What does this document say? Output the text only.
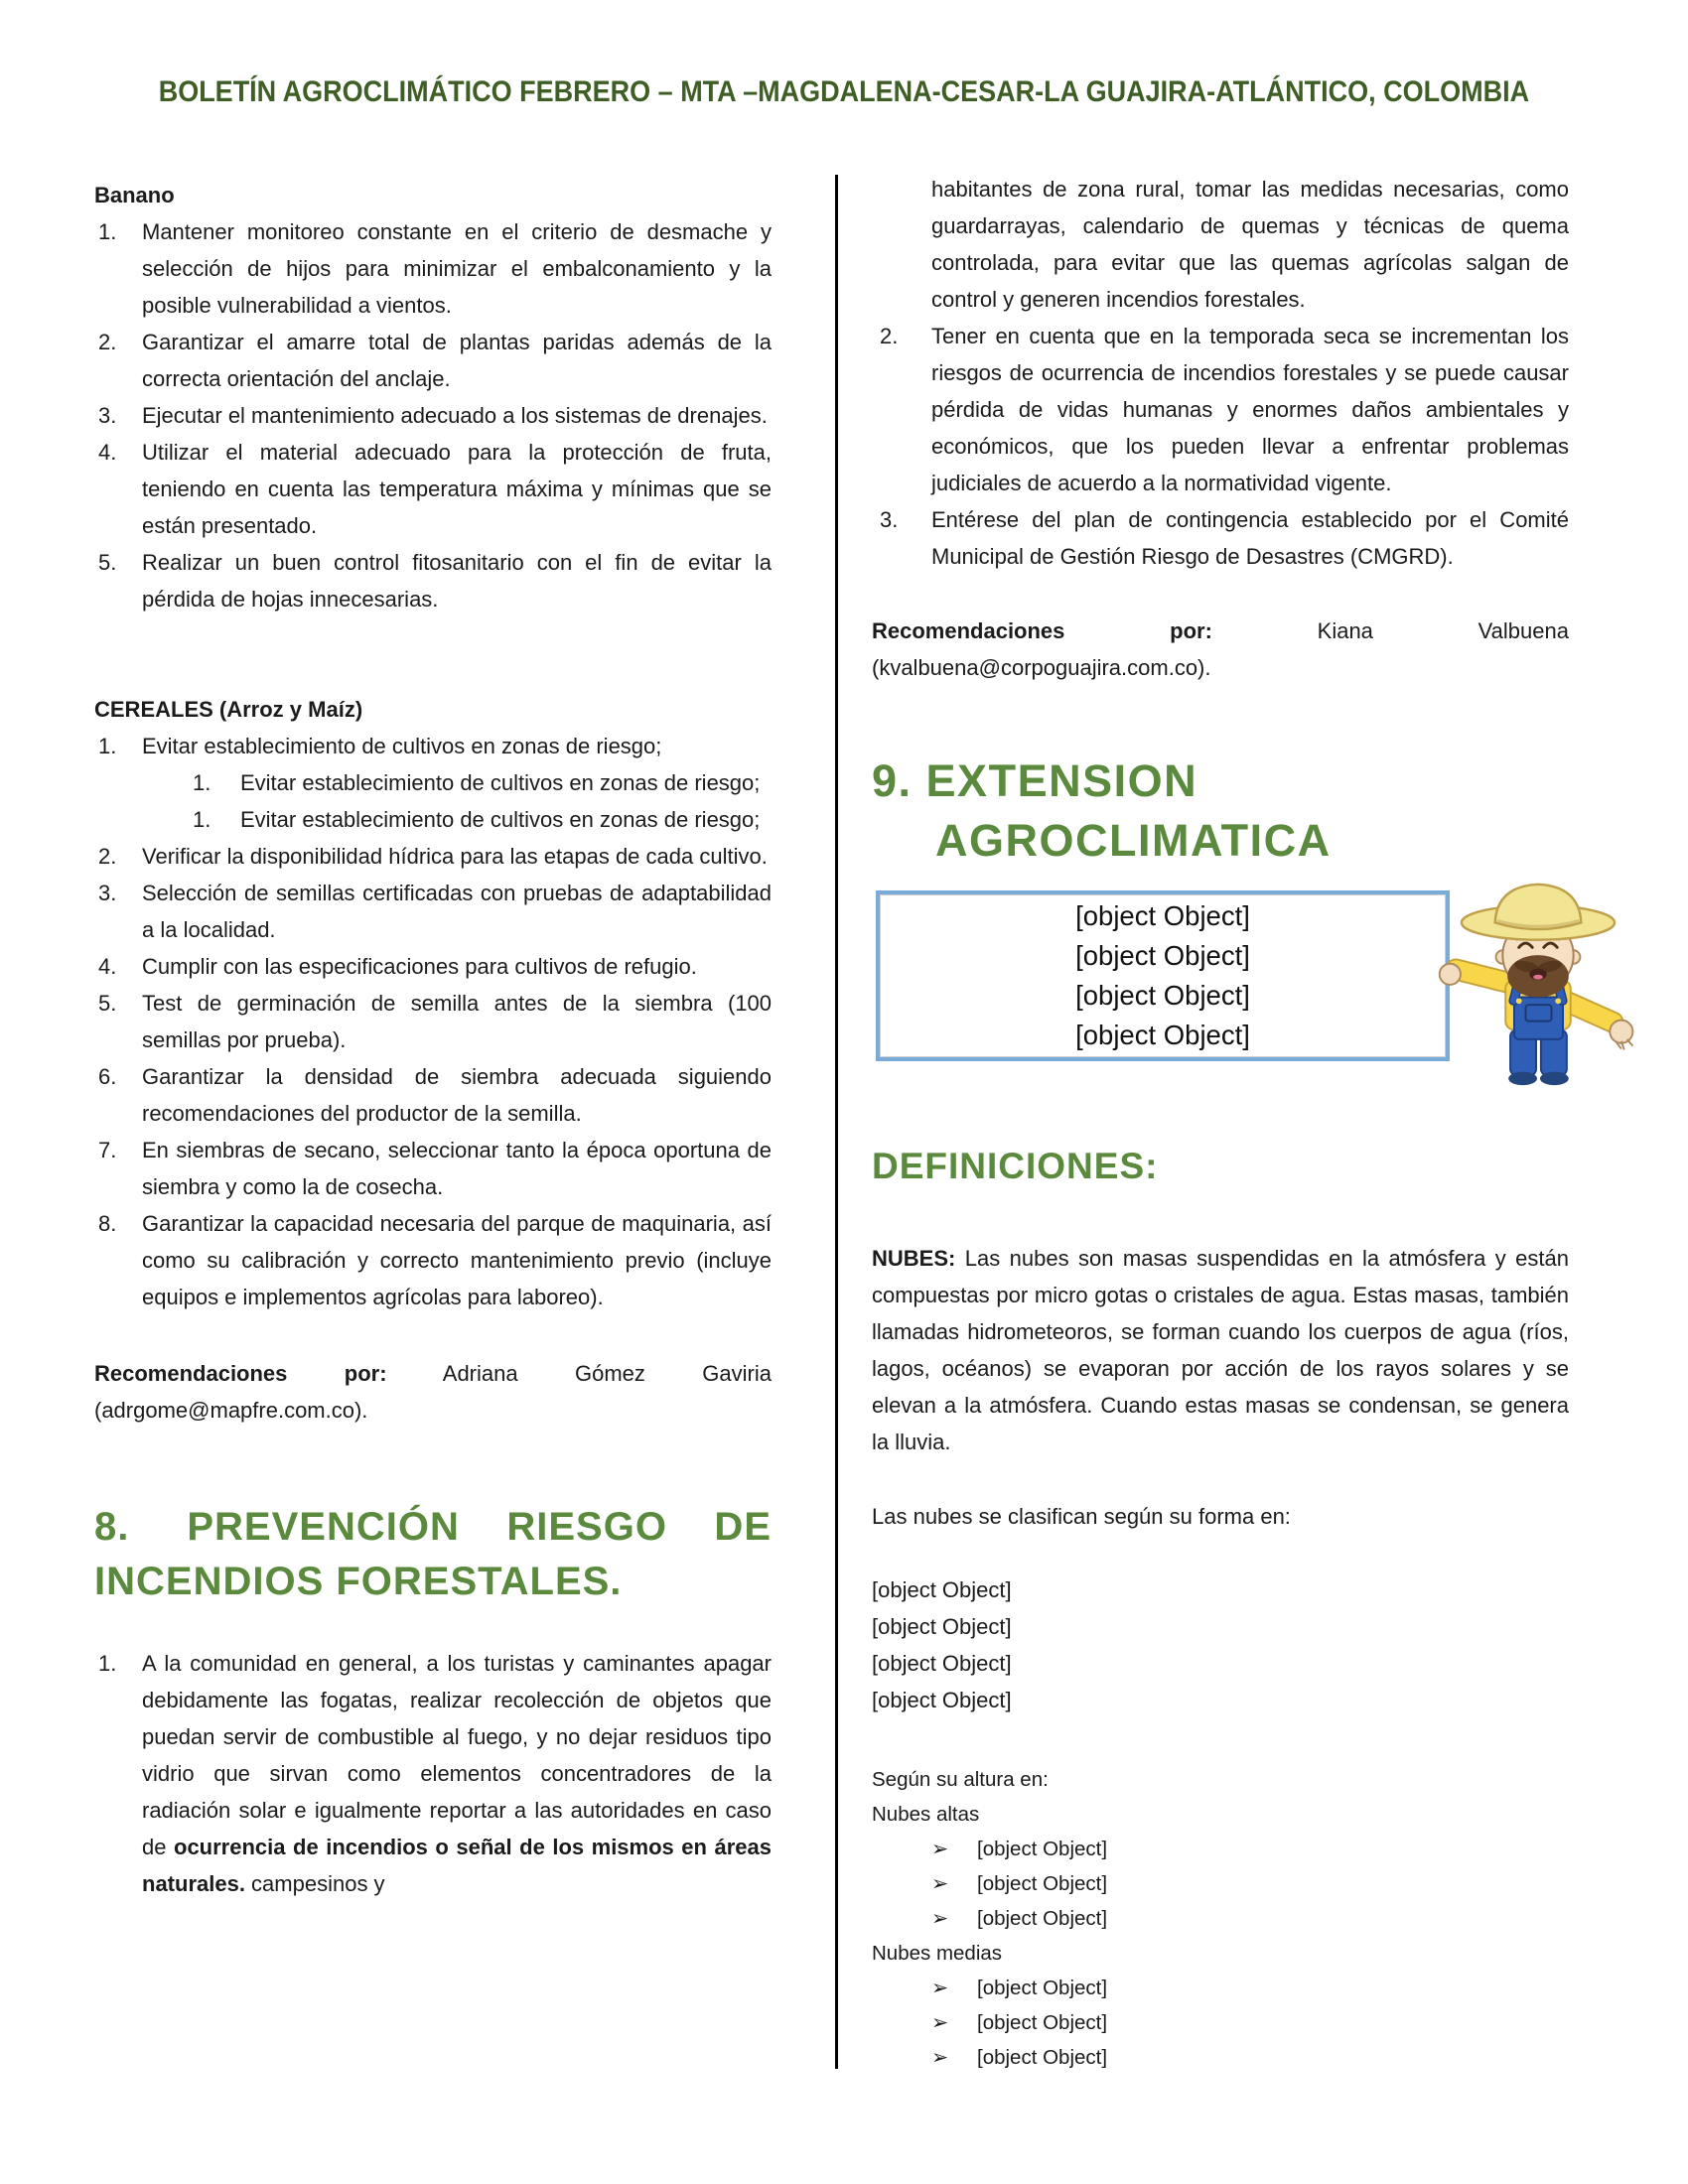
BOLETÍN AGROCLIMÁTICO FEBRERO – MTA –MAGDALENA-CESAR-LA GUAJIRA-ATLÁNTICO, COLOMBIA
Banano
1.	Mantener monitoreo constante en el criterio de desmache y selección de hijos para minimizar el embalconamiento y la posible vulnerabilidad a vientos.
2.	Garantizar el amarre total de plantas paridas además de la correcta orientación del anclaje.
3.	Ejecutar el mantenimiento adecuado a los sistemas de drenajes.
4.	Utilizar el material adecuado para la protección de fruta, teniendo en cuenta las temperatura máxima y mínimas que se están presentado.
5.	Realizar un buen control fitosanitario con el fin de evitar la pérdida de hojas innecesarias.
CEREALES (Arroz y Maíz)
1.	Evitar establecimiento de cultivos en zonas de riesgo;
1.	Evitar establecimiento de cultivos en zonas de riesgo;
1.	Evitar establecimiento de cultivos en zonas de riesgo;
2.	Verificar la disponibilidad hídrica para las etapas de cada cultivo.
3.	Selección de semillas certificadas con pruebas de adaptabilidad a la localidad.
4.	Cumplir con las especificaciones para cultivos de refugio.
5.	Test de germinación de semilla antes de la siembra (100 semillas por prueba).
6.	Garantizar la densidad de siembra adecuada siguiendo recomendaciones del productor de la semilla.
7.	En siembras de secano, seleccionar tanto la época oportuna de siembra y como la de cosecha.
8.	Garantizar la capacidad necesaria del parque de maquinaria, así como su calibración y correcto mantenimiento previo (incluye equipos e implementos agrícolas para laboreo).
Recomendaciones por:	Adriana Gómez Gaviria
(adrgome@mapfre.com.co).
8. PREVENCIÓN RIESGO DE INCENDIOS FORESTALES.
1.	A la comunidad en general, a los turistas y caminantes apagar debidamente las fogatas, realizar recolección de objetos que puedan servir de combustible al fuego, y no dejar residuos tipo vidrio que sirvan como elementos concentradores de la radiación solar e igualmente reportar a las autoridades en caso de ocurrencia de incendios o señal de los mismos en áreas naturales. campesinos y
habitantes de zona rural, tomar las medidas necesarias, como guardarrayas, calendario de quemas y técnicas de quema controlada, para evitar que las quemas agrícolas salgan de control y generen incendios forestales.
2.	Tener en cuenta que en la temporada seca se incrementan los riesgos de ocurrencia de incendios forestales y se puede causar pérdida de vidas humanas y enormes daños ambientales y económicos, que los pueden llevar a enfrentar problemas judiciales de acuerdo a la normatividad vigente.
3.	Entérese del plan de contingencia establecido por el Comité Municipal de Gestión Riesgo de Desastres (CMGRD).
Recomendaciones por:	Kiana Valbuena
(kvalbuena@corpoguajira.com.co).
9. EXTENSION
AGROCLIMATICA
[object Object]
[object Object]
[object Object]
[object Object]
DEFINICIONES:
NUBES: Las nubes son masas suspendidas en la atmósfera y están compuestas por micro gotas o cristales de agua. Estas masas, también llamadas hidrometeoros, se forman cuando los cuerpos de agua (ríos, lagos, océanos) se evaporan por acción de los rayos solares y se elevan a la atmósfera. Cuando estas masas se condensan, se genera la lluvia.
Las nubes se clasifican según su forma en:
[object Object]
[object Object]
[object Object]
[object Object]
Según su altura en:
Nubes altas
➢	[object Object]
➢	[object Object]
➢	[object Object]
Nubes medias
➢	[object Object]
➢	[object Object]
➢	[object Object]
